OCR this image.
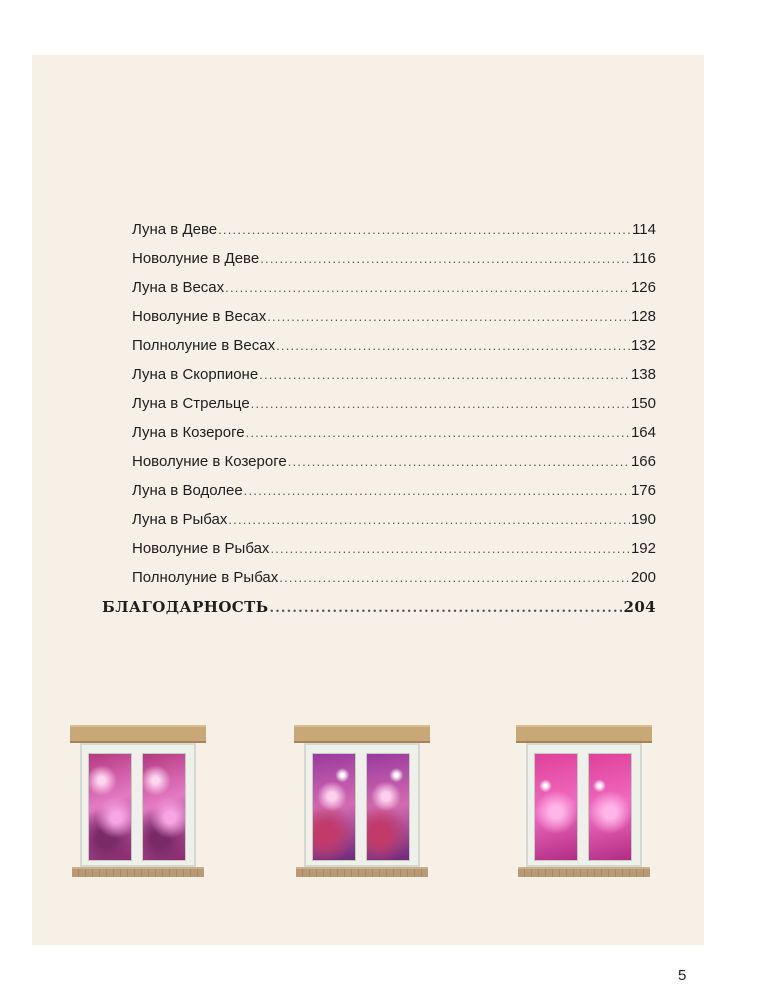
Луна в Деве .....	114
Новолуние в Деве .....	116
Луна в Весах .....	126
Новолуние в Весах .....	128
Полнолуние в Весах .....	132
Луна в Скорпионе .....	138
Луна в Стрельце .....	150
Луна в Козероге .....	164
Новолуние в Козероге .....	166
Луна в Водолее .....	176
Луна в Рыбах .....	190
Новолуние в Рыбах .....	192
Полнолуние в Рыбах .....	200
БЛАГОДАРНОСТЬ .....	204
5
